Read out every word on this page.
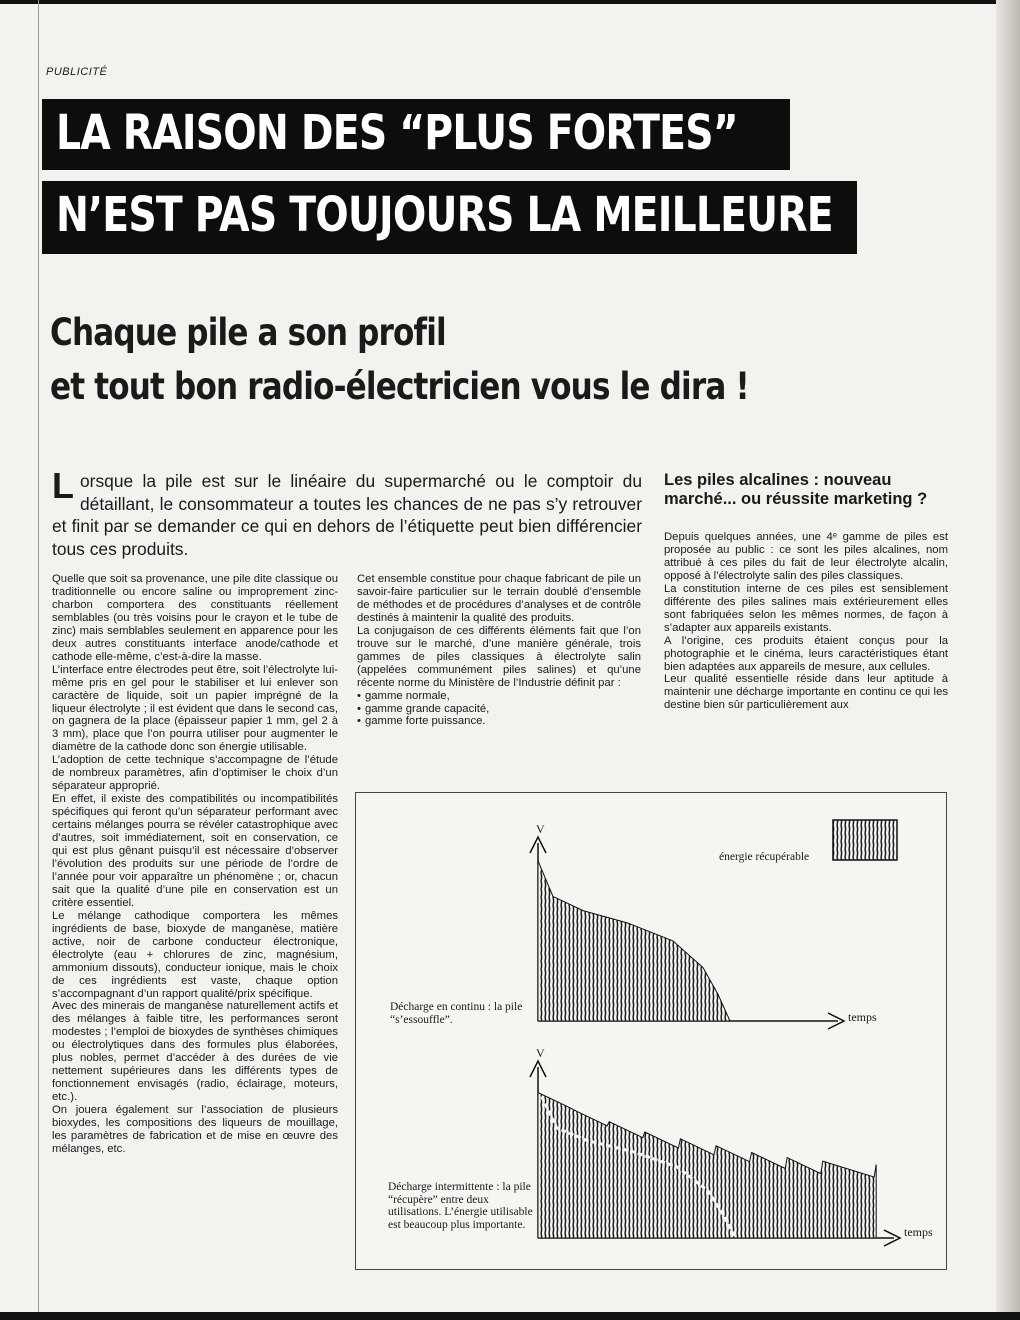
PUBLICITÉ
LA RAISON DES “PLUS FORTES”
N’EST PAS TOUJOURS LA MEILLEURE
Chaque pile a son profil
et tout bon radio-électricien vous le dira !

Lorsque la pile est sur le linéaire du supermarché ou le comptoir du détaillant, le consommateur a toutes les chances de ne pas s’y retrouver et finit par se demander ce qui en dehors de l’étiquette peut bien différencier tous ces produits.

Quelle que soit sa provenance, une pile dite classique ou traditionnelle ou encore saline ou improprement zinc-charbon comportera des constituants réellement semblables (ou très voisins pour le crayon et le tube de zinc) mais semblables seulement en apparence pour les deux autres constituants interface anode/cathode et cathode elle-même, c’est-à-dire la masse.

L’interface entre électrodes peut être, soit l’électrolyte lui-même pris en gel pour le stabiliser et lui enlever son caractère de liquide, soit un papier imprégné de la liqueur électrolyte ; il est évident que dans le second cas, on gagnera de la place (épaisseur papier 1 mm, gel 2 à 3 mm), place que l’on pourra utiliser pour augmenter le diamètre de la cathode donc son énergie utilisable.

L’adoption de cette technique s’accompagne de l’étude de nombreux paramètres, afin d’optimiser le choix d’un séparateur approprié.

En effet, il existe des compatibilités ou incompatibilités spécifiques qui feront qu’un séparateur performant avec certains mélanges pourra se révéler catastrophique avec d’autres, soit immédiatement, soit en conservation, ce qui est plus gênant puisqu’il est nécessaire d’observer l’évolution des produits sur une période de l’ordre de l’année pour voir apparaître un phénomène ; or, chacun sait que la qualité d’une pile en conservation est un critère essentiel.

Le mélange cathodique comportera les mêmes ingrédients de base, bioxyde de manganèse, matière active, noir de carbone conducteur électronique, électrolyte (eau + chlorures de zinc, magnésium, ammonium dissouts), conducteur ionique, mais le choix de ces ingrédients est vaste, chaque option s’accompagnant d’un rapport qualité/prix spécifique.

Avec des minerais de manganèse naturellement actifs et des mélanges à faible titre, les performances seront modestes ; l’emploi de bioxydes de synthèses chimiques ou électrolytiques dans des formules plus élaborées, plus nobles, permet d’accéder à des durées de vie nettement supérieures dans les différents types de fonctionnement envisagés (radio, éclairage, moteurs, etc.).

On jouera également sur l’association de plusieurs bioxydes, les compositions des liqueurs de mouillage, les paramètres de fabrication et de mise en œuvre des mélanges, etc.

Cet ensemble constitue pour chaque fabricant de pile un savoir-faire particulier sur le terrain doublé d’ensemble de méthodes et de procédures d’analyses et de contrôle destinés à maintenir la qualité des produits.

La conjugaison de ces différents éléments fait que l’on trouve sur le marché, d’une manière générale, trois gammes de piles classiques à électrolyte salin (appelées communément piles salines) et qu’une récente norme du Ministère de l’Industrie définit par :

• gamme normale,
• gamme grande capacité,
• gamme forte puissance.
Les piles alcalines : nouveau marché... ou réussite marketing ?

Depuis quelques années, une 4ᵉ gamme de piles est proposée au public : ce sont les piles alcalines, nom attribué à ces piles du fait de leur électrolyte alcalin, opposé à l’électrolyte salin des piles classiques.

La constitution interne de ces piles est sensiblement différente des piles salines mais extérieurement elles sont fabriquées selon les mêmes normes, de façon à s’adapter aux appareils existants.

A l’origine, ces produits étaient conçus pour la photographie et le cinéma, leurs caractéristiques étant bien adaptées aux appareils de mesure, aux cellules.

Leur qualité essentielle réside dans leur aptitude à maintenir une décharge importante en continu ce qui les destine bien sûr particulièrement aux

énergie récupérable
V
temps
Décharge en continu : la pile “s’essouffle”.
V
temps
Décharge intermittente : la pile “récupère” entre deux utilisations. L’énergie utilisable est beaucoup plus importante.
